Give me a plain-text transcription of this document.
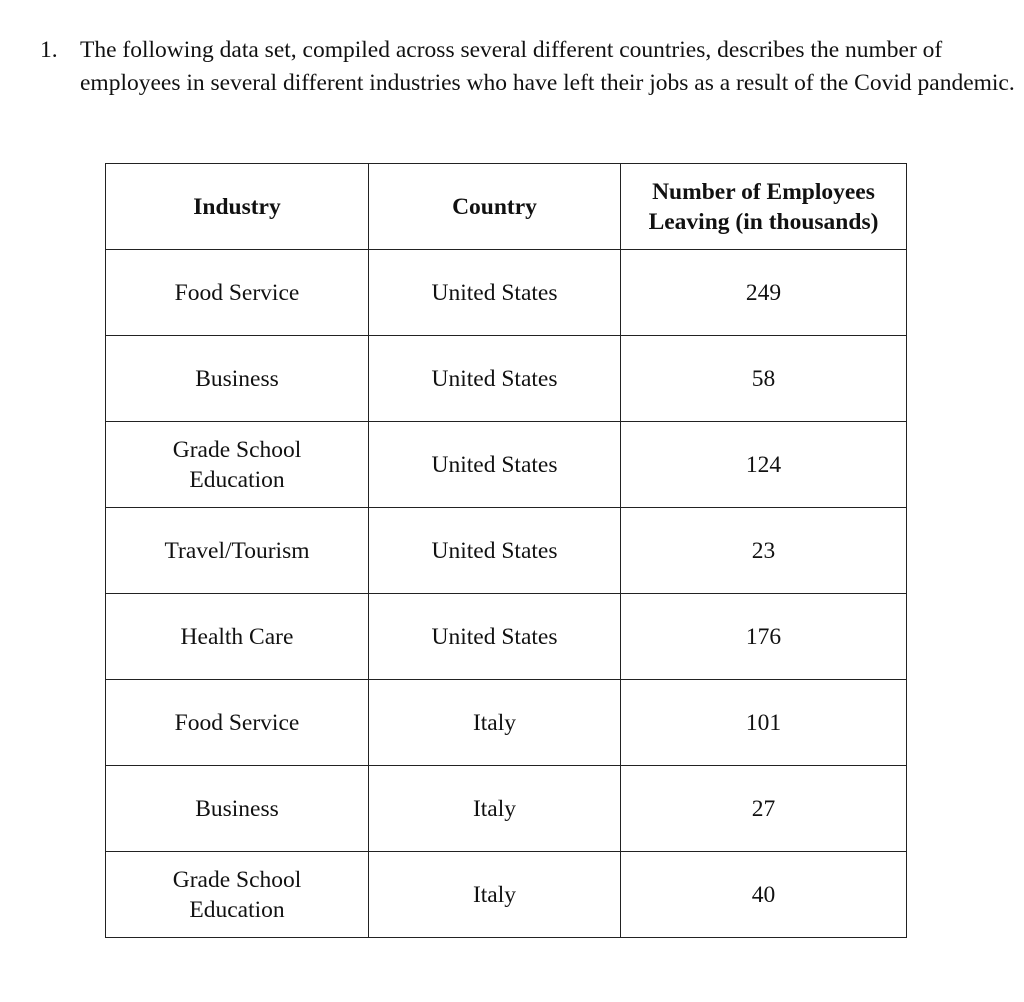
1. The following data set, compiled across several different countries, describes the number of employees in several different industries who have left their jobs as a result of the Covid pandemic.
Industry	Country	Number of Employees
Leaving (in thousands)
Food Service	United States	249
Business	United States	58
Grade School
Education	United States	124
Travel/Tourism	United States	23
Health Care	United States	176
Food Service	Italy	101
Business	Italy	27
Grade School
Education	Italy	40
